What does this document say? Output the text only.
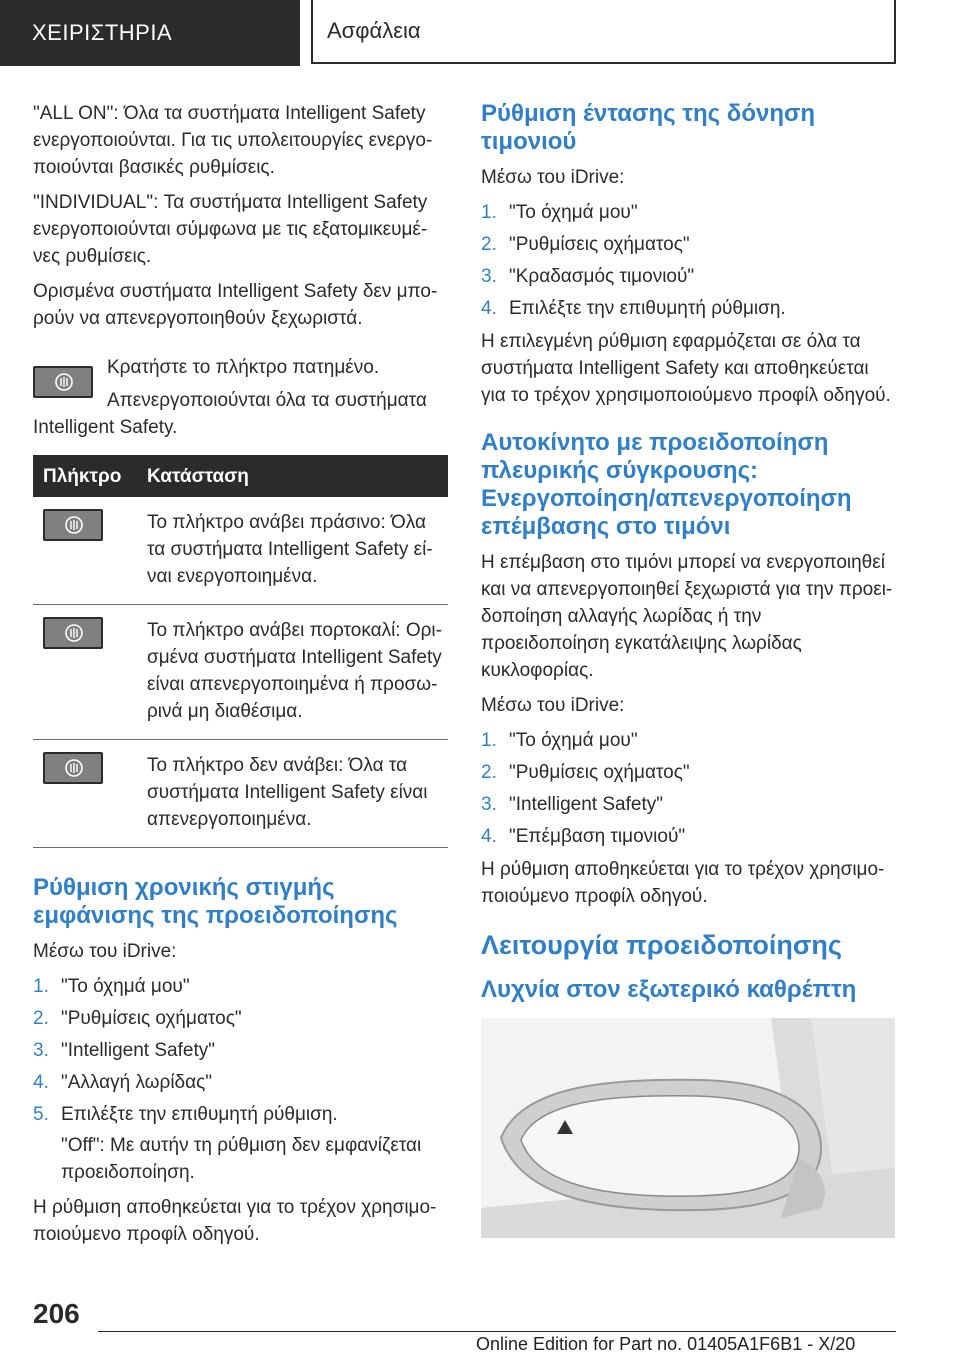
ΧΕΙΡΙΣΤΗΡΙΑ	Ασφάλεια

"ALL ON": Όλα τα συστήματα Intelligent Safety ενεργοποιούνται. Για τις υπολειτουργίες ενεργο‐ποιούνται βασικές ρυθμίσεις.

"INDIVIDUAL": Τα συστήματα Intelligent Safety ενεργοποιούνται σύμφωνα με τις εξατομικευμέ‐νες ρυθμίσεις.

Ορισμένα συστήματα Intelligent Safety δεν μπο‐ρούν να απενεργοποιηθούν ξεχωριστά.

Κρατήστε το πλήκτρο πατημένο.

Απενεργοποιούνται όλα τα συστήματα Intelligent Safety.

Πλήκτρο	Κατάσταση

	Το πλήκτρο ανάβει πράσινο: Όλα τα συστήματα Intelligent Safety εί‐ναι ενεργοποιημένα.

	Το πλήκτρο ανάβει πορτοκαλί: Ορι‐σμένα συστήματα Intelligent Safety είναι απενεργοποιημένα ή προσω‐ρινά μη διαθέσιμα.

	Το πλήκτρο δεν ανάβει: Όλα τα συστήματα Intelligent Safety είναι απενεργοποιημένα.
Ρύθμιση χρονικής στιγμής εμφάνισης της προειδοποίησης

Μέσω του iDrive:

1. "Το όχημά μου"
2. "Ρυθμίσεις οχήματος"
3. "Intelligent Safety"
4. "Αλλαγή λωρίδας"
5. Επιλέξτε την επιθυμητή ρύθμιση.

"Off": Με αυτήν τη ρύθμιση δεν εμφανίζεται προειδοποίηση.

Η ρύθμιση αποθηκεύεται για το τρέχον χρησιμο‐ποιούμενο προφίλ οδηγού.

Ρύθμιση έντασης της δόνηση τιμονιού

Μέσω του iDrive:

1. "Το όχημά μου"
2. "Ρυθμίσεις οχήματος"
3. "Κραδασμός τιμονιού"
4. Επιλέξτε την επιθυμητή ρύθμιση.

Η επιλεγμένη ρύθμιση εφαρμόζεται σε όλα τα συστήματα Intelligent Safety και αποθηκεύεται για το τρέχον χρησιμοποιούμενο προφίλ οδηγού.

Αυτοκίνητο με προειδοποίηση πλευρικής σύγκρουσης: Ενεργοποίηση/απενεργοποίηση επέμβασης στο τιμόνι

Η επέμβαση στο τιμόνι μπορεί να ενεργοποιηθεί και να απενεργοποιηθεί ξεχωριστά για την προει‐δοποίηση αλλαγής λωρίδας ή την προειδοποίηση εγκατάλειψης λωρίδας κυκλοφορίας.

Μέσω του iDrive:

1. "Το όχημά μου"
2. "Ρυθμίσεις οχήματος"
3. "Intelligent Safety"
4. "Επέμβαση τιμονιού"

Η ρύθμιση αποθηκεύεται για το τρέχον χρησιμο‐ποιούμενο προφίλ οδηγού.

Λειτουργία προειδοποίησης
Λυχνία στον εξωτερικό καθρέπτη
206
Online Edition for Part no. 01405A1F6B1 - X/20
